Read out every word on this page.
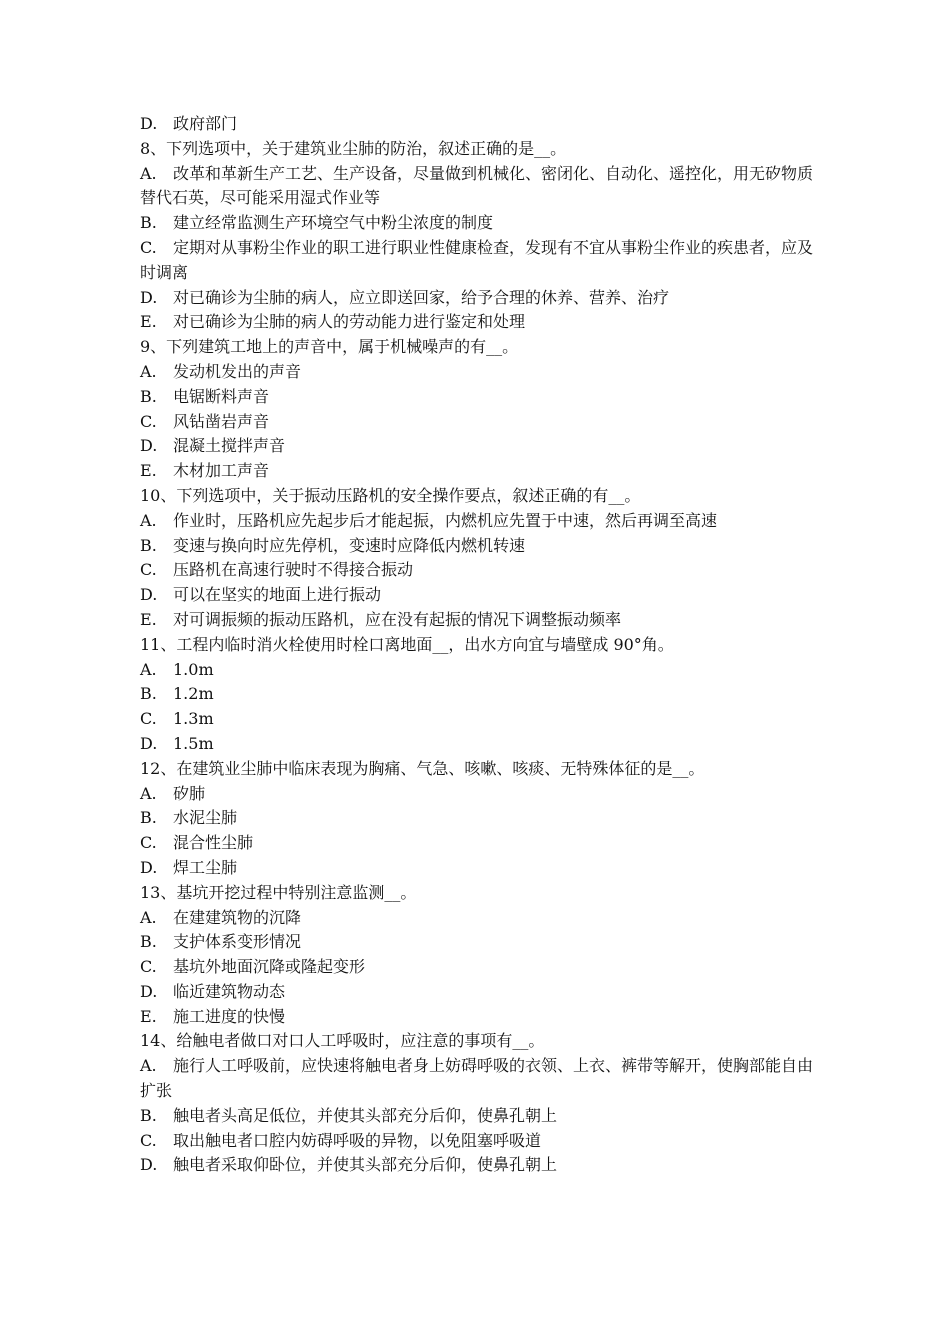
D. 政府部门

8、下列选项中，关于建筑业尘肺的防治，叙述正确的是__。

A. 改革和革新生产工艺、生产设备，尽量做到机械化、密闭化、自动化、遥控化，用无矽物质替代石英，尽可能采用湿式作业等

B. 建立经常监测生产环境空气中粉尘浓度的制度

C. 定期对从事粉尘作业的职工进行职业性健康检查，发现有不宜从事粉尘作业的疾患者，应及时调离

D. 对已确诊为尘肺的病人，应立即送回家，给予合理的休养、营养、治疗

E. 对已确诊为尘肺的病人的劳动能力进行鉴定和处理

9、下列建筑工地上的声音中，属于机械噪声的有__。

A. 发动机发出的声音

B. 电锯断料声音

C. 风钻凿岩声音

D. 混凝土搅拌声音

E. 木材加工声音

10、下列选项中，关于振动压路机的安全操作要点，叙述正确的有__。

A. 作业时，压路机应先起步后才能起振，内燃机应先置于中速，然后再调至高速

B. 变速与换向时应先停机，变速时应降低内燃机转速

C. 压路机在高速行驶时不得接合振动

D. 可以在坚实的地面上进行振动

E. 对可调振频的振动压路机，应在没有起振的情况下调整振动频率

11、工程内临时消火栓使用时栓口离地面__，出水方向宜与墙壁成 90°角。

A. 1.0m

B. 1.2m

C. 1.3m

D. 1.5m

12、在建筑业尘肺中临床表现为胸痛、气急、咳嗽、咳痰、无特殊体征的是__。

A. 矽肺

B. 水泥尘肺

C. 混合性尘肺

D. 焊工尘肺

13、基坑开挖过程中特别注意监测__。

A. 在建建筑物的沉降

B. 支护体系变形情况

C. 基坑外地面沉降或隆起变形

D. 临近建筑物动态

E. 施工进度的快慢

14、给触电者做口对口人工呼吸时，应注意的事项有__。

A. 施行人工呼吸前，应快速将触电者身上妨碍呼吸的衣领、上衣、裤带等解开，使胸部能自由扩张

B. 触电者头高足低位，并使其头部充分后仰，使鼻孔朝上

C. 取出触电者口腔内妨碍呼吸的异物，以免阻塞呼吸道

D. 触电者采取仰卧位，并使其头部充分后仰，使鼻孔朝上
